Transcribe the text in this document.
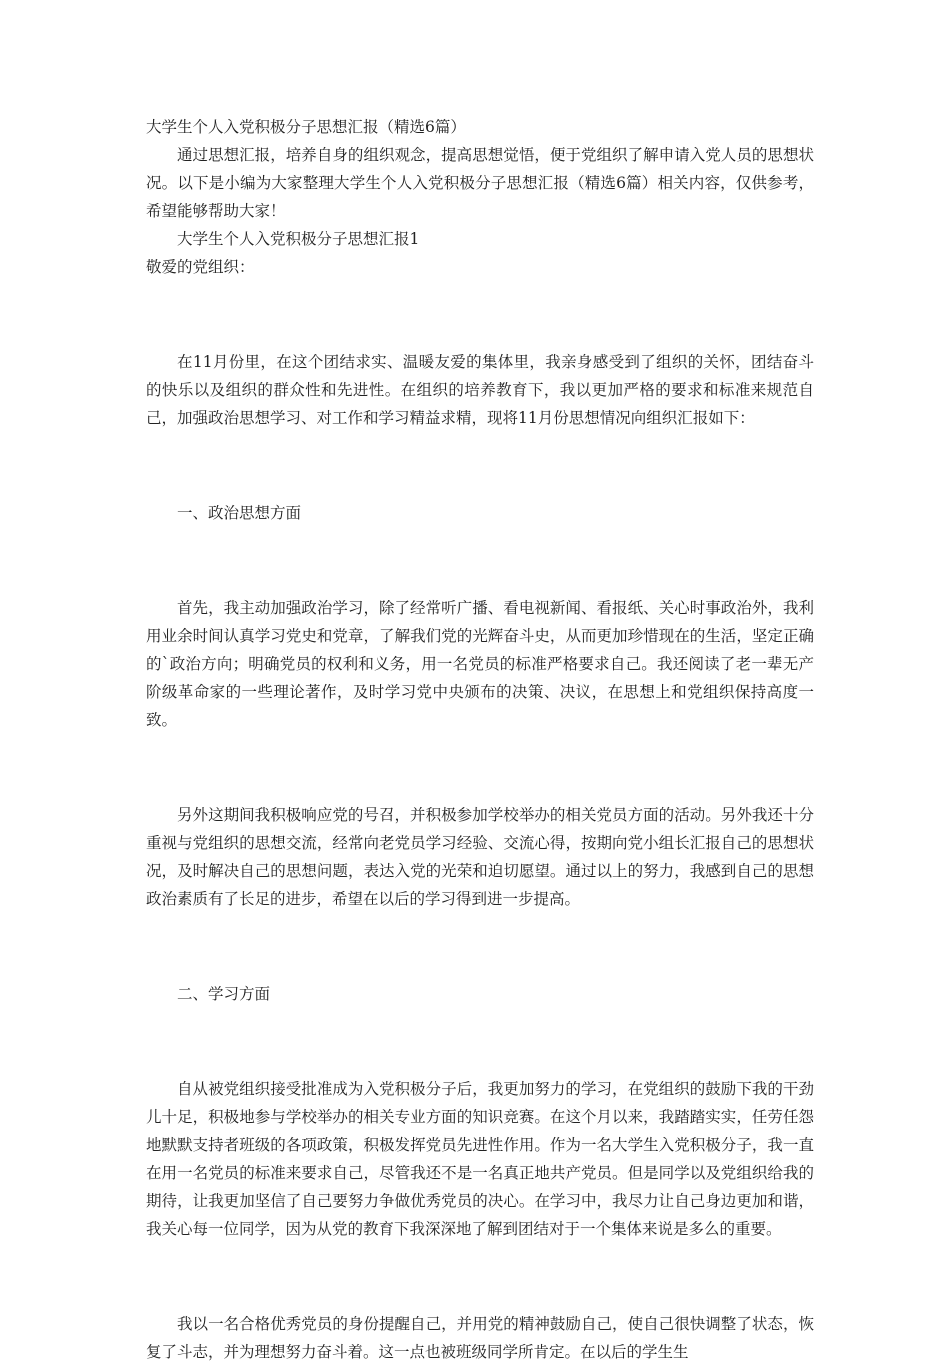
大学生个人入党积极分子思想汇报（精选6篇）

通过思想汇报，培养自身的组织观念，提高思想觉悟，便于党组织了解申请入党人员的思想状况。以下是小编为大家整理大学生个人入党积极分子思想汇报（精选6篇）相关内容，仅供参考，希望能够帮助大家！

大学生个人入党积极分子思想汇报1

敬爱的党组织：

在11月份里，在这个团结求实、温暖友爱的集体里，我亲身感受到了组织的关怀，团结奋斗的快乐以及组织的群众性和先进性。在组织的培养教育下，我以更加严格的要求和标准来规范自己，加强政治思想学习、对工作和学习精益求精，现将11月份思想情况向组织汇报如下：

一、政治思想方面

首先，我主动加强政治学习，除了经常听广播、看电视新闻、看报纸、关心时事政治外，我利用业余时间认真学习党史和党章，了解我们党的光辉奋斗史，从而更加珍惜现在的生活，坚定正确的`政治方向；明确党员的权利和义务，用一名党员的标准严格要求自己。我还阅读了老一辈无产阶级革命家的一些理论著作，及时学习党中央颁布的决策、决议，在思想上和党组织保持高度一致。

另外这期间我积极响应党的号召，并积极参加学校举办的相关党员方面的活动。另外我还十分重视与党组织的思想交流，经常向老党员学习经验、交流心得，按期向党小组长汇报自己的思想状况，及时解决自己的思想问题，表达入党的光荣和迫切愿望。通过以上的努力，我感到自己的思想政治素质有了长足的进步，希望在以后的学习得到进一步提高。

二、学习方面

自从被党组织接受批准成为入党积极分子后，我更加努力的学习，在党组织的鼓励下我的干劲儿十足，积极地参与学校举办的相关专业方面的知识竞赛。在这个月以来，我踏踏实实，任劳任怨地默默支持者班级的各项政策，积极发挥党员先进性作用。作为一名大学生入党积极分子，我一直在用一名党员的标准来要求自己，尽管我还不是一名真正地共产党员。但是同学以及党组织给我的期待，让我更加坚信了自己要努力争做优秀党员的决心。在学习中，我尽力让自己身边更加和谐，我关心每一位同学，因为从党的教育下我深深地了解到团结对于一个集体来说是多么的重要。

我以一名合格优秀党员的身份提醒自己，并用党的精神鼓励自己，使自己很快调整了状态，恢复了斗志，并为理想努力奋斗着。这一点也被班级同学所肯定。在以后的学生生
